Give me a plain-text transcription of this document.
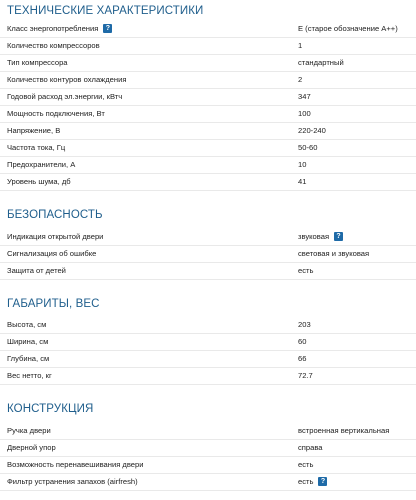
ТЕХНИЧЕСКИЕ ХАРАКТЕРИСТИКИ
Класс энергопотребления ?	E (старое обозначение A++)
Количество компрессоров	1
Тип компрессора	стандартный
Количество контуров охлаждения	2
Годовой расход эл.энергии, кВтч	347
Мощность подключения, Вт	100
Напряжение, В	220-240
Частота тока, Гц	50-60
Предохранители, А	10
Уровень шума, дб	41
БЕЗОПАСНОСТЬ
Индикация открытой двери	звуковая ?
Сигнализация об ошибке	световая и звуковая
Защита от детей	есть
ГАБАРИТЫ, ВЕС
Высота, см	203
Ширина, см	60
Глубина, см	66
Вес нетто, кг	72.7
КОНСТРУКЦИЯ
Ручка двери	встроенная вертикальная
Дверной упор	справа
Возможность перенавешивания двери	есть
Фильтр устранения запахов (airfresh)	есть ?
